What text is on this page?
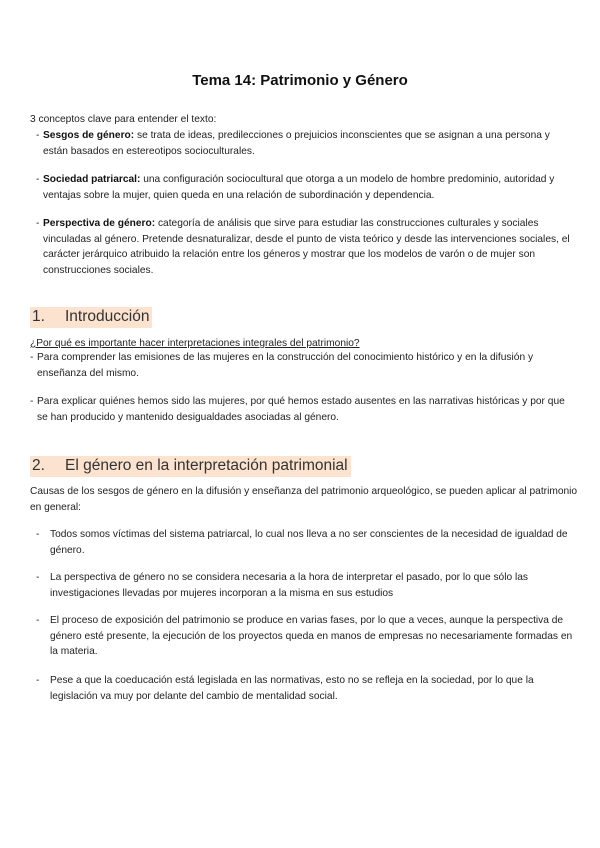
Tema 14: Patrimonio y Género
3 conceptos clave para entender el texto:
- Sesgos de género: se trata de ideas, predilecciones o prejuicios inconscientes que se asignan a una persona y están basados en estereotipos socioculturales.
- Sociedad patriarcal: una configuración sociocultural que otorga a un modelo de hombre predominio, autoridad y ventajas sobre la mujer, quien queda en una relación de subordinación y dependencia.
- Perspectiva de género: categoría de análisis que sirve para estudiar las construcciones culturales y sociales vinculadas al género. Pretende desnaturalizar, desde el punto de vista teórico y desde las intervenciones sociales, el carácter jerárquico atribuido la relación entre los géneros y mostrar que los modelos de varón o de mujer son construcciones sociales.
1. Introducción
¿Por qué es importante hacer interpretaciones integrales del patrimonio?
- Para comprender las emisiones de las mujeres en la construcción del conocimiento histórico y en la difusión y enseñanza del mismo.
- Para explicar quiénes hemos sido las mujeres, por qué hemos estado ausentes en las narrativas históricas y por que se han producido y mantenido desigualdades asociadas al género.
2. El género en la interpretación patrimonial
Causas de los sesgos de género en la difusión y enseñanza del patrimonio arqueológico, se pueden aplicar al patrimonio en general:
-	Todos somos víctimas del sistema patriarcal, lo cual nos lleva a no ser conscientes de la necesidad de igualdad de género.
-	La perspectiva de género no se considera necesaria a la hora de interpretar el pasado, por lo que sólo las investigaciones llevadas por mujeres incorporan a la misma en sus estudios
-	El proceso de exposición del patrimonio se produce en varias fases, por lo que a veces, aunque la perspectiva de género esté presente, la ejecución de los proyectos queda en manos de empresas no necesariamente formadas en la materia.
-	Pese a que la coeducación está legislada en las normativas, esto no se refleja en la sociedad, por lo que la legislación va muy por delante del cambio de mentalidad social.
